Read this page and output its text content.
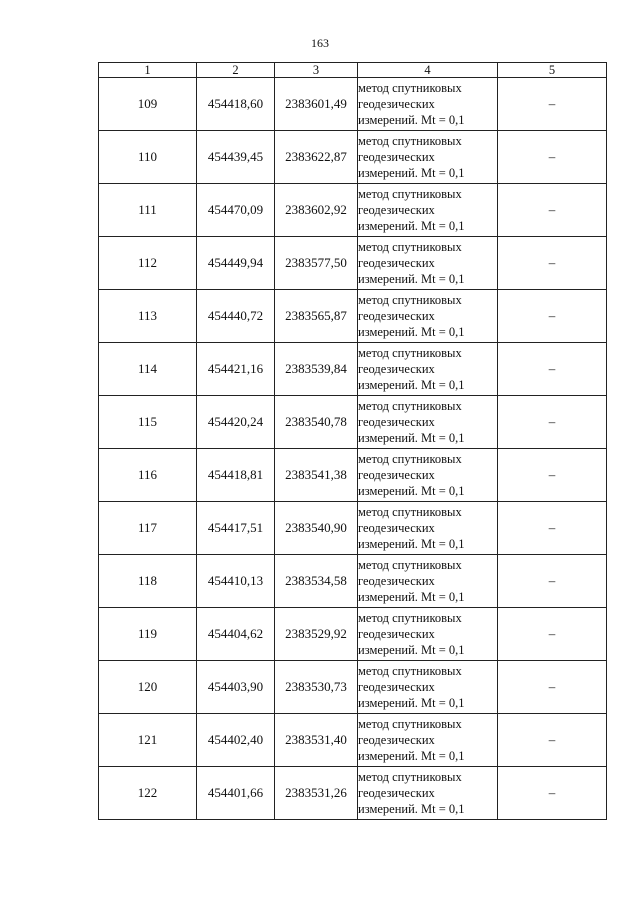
163
1	2	3	4	5
109	454418,60	2383601,49	метод спутниковых
геодезических
измерений. Mt = 0,1	–
110	454439,45	2383622,87	метод спутниковых
геодезических
измерений. Mt = 0,1	–
111	454470,09	2383602,92	метод спутниковых
геодезических
измерений. Mt = 0,1	–
112	454449,94	2383577,50	метод спутниковых
геодезических
измерений. Mt = 0,1	–
113	454440,72	2383565,87	метод спутниковых
геодезических
измерений. Mt = 0,1	–
114	454421,16	2383539,84	метод спутниковых
геодезических
измерений. Mt = 0,1	–
115	454420,24	2383540,78	метод спутниковых
геодезических
измерений. Mt = 0,1	–
116	454418,81	2383541,38	метод спутниковых
геодезических
измерений. Mt = 0,1	–
117	454417,51	2383540,90	метод спутниковых
геодезических
измерений. Mt = 0,1	–
118	454410,13	2383534,58	метод спутниковых
геодезических
измерений. Mt = 0,1	–
119	454404,62	2383529,92	метод спутниковых
геодезических
измерений. Mt = 0,1	–
120	454403,90	2383530,73	метод спутниковых
геодезических
измерений. Mt = 0,1	–
121	454402,40	2383531,40	метод спутниковых
геодезических
измерений. Mt = 0,1	–
122	454401,66	2383531,26	метод спутниковых
геодезических
измерений. Mt = 0,1	–
